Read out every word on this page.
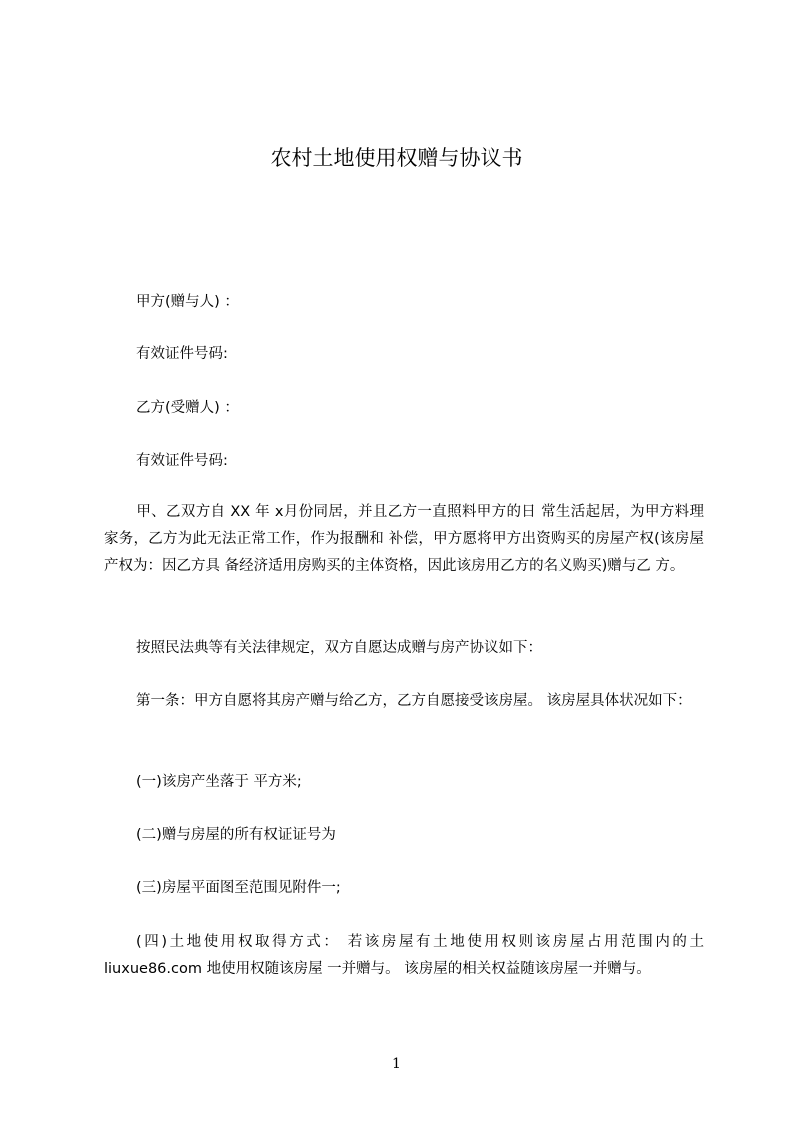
农村土地使用权赠与协议书
甲方(赠与人) ：
有效证件号码:
乙方(受赠人) ：
有效证件号码:
甲、乙双方自 XX 年 x月份同居，并且乙方一直照料甲方的日 常生活起居，为甲方料理家务，乙方为此无法正常工作，作为报酬和 补偿，甲方愿将甲方出资购买的房屋产权(该房屋产权为：因乙方具 备经济适用房购买的主体资格，因此该房用乙方的名义购买)赠与乙 方。
按照民法典等有关法律规定，双方自愿达成赠与房产协议如下：
第一条：甲方自愿将其房产赠与给乙方，乙方自愿接受该房屋。 该房屋具体状况如下：
(一)该房产坐落于 平方米;
(二)赠与房屋的所有权证证号为
(三)房屋平面图至范围见附件一;
(四)土地使用权取得方式： 若该房屋有土地使用权则该房屋占用范围内的土liuxue86.com 地使用权随该房屋 一并赠与。 该房屋的相关权益随该房屋一并赠与。
1
